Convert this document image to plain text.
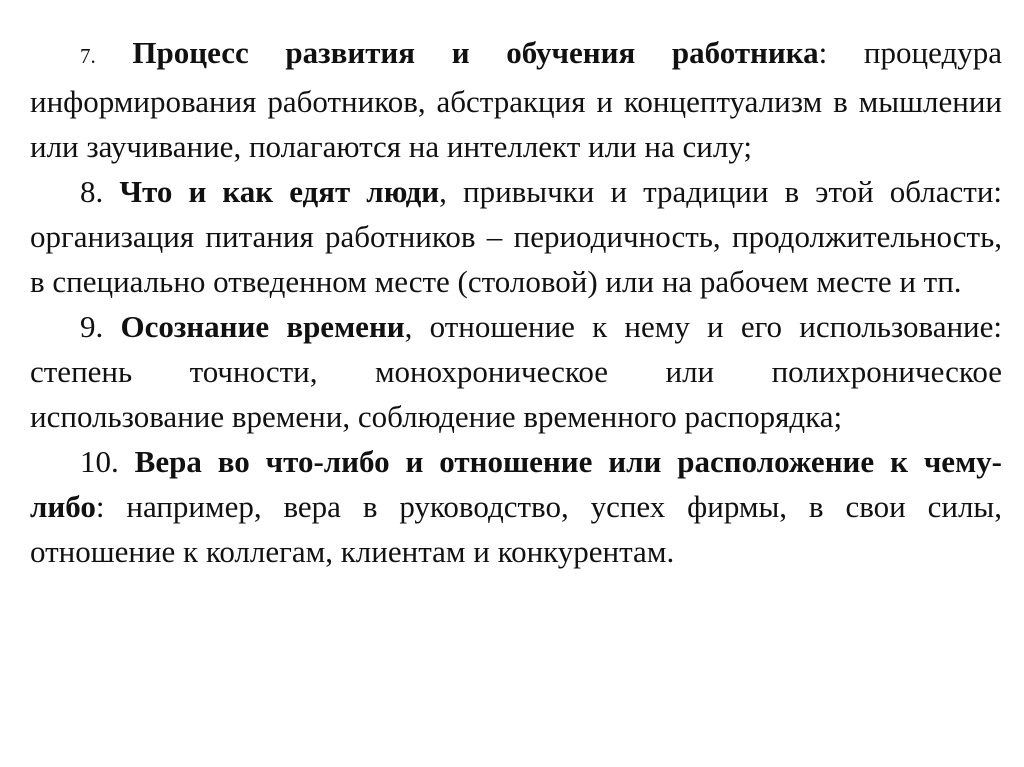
7. Процесс развития и обучения работника: процедура информирования работников, абстракция и концептуализм в мышлении или заучивание, полагаются на интеллект или на силу;

8. Что и как едят люди, привычки и традиции в этой области: организация питания работников – периодичность, продолжительность, в специально отведенном месте (столовой) или на рабочем месте и тп.

9. Осознание времени, отношение к нему и его использование: степень точности, монохроническое или полихроническое использование времени, соблюдение временного распорядка;

10. Вера во что-либо и отношение или расположение к чему-либо: например, вера в руководство, успех фирмы, в свои силы, отношение к коллегам, клиентам и конкурентам.
